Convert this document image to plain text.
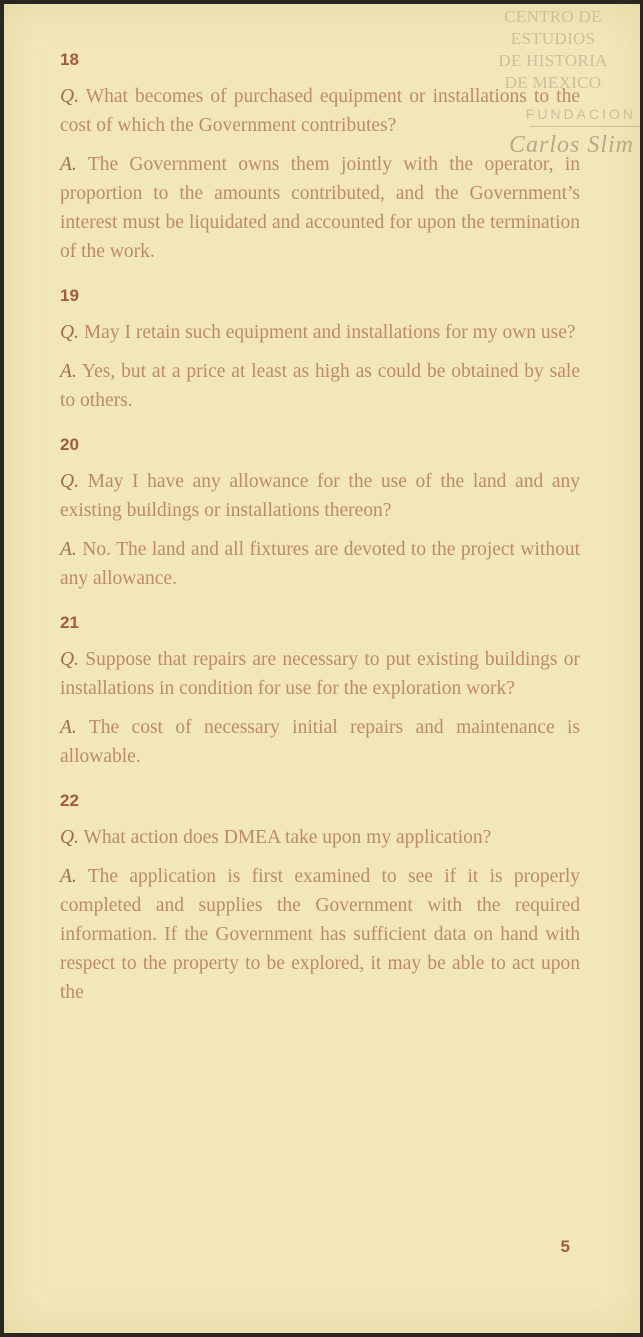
CENTRO DE
ESTUDIOS
DE HISTORIA
DE MEXICO
FUNDACION
Carlos Slim
18
Q. What becomes of purchased equipment or installations to the cost of which the Government contributes?
A. The Government owns them jointly with the operator, in proportion to the amounts contributed, and the Government’s interest must be liquidated and accounted for upon the termination of the work.
19
Q. May I retain such equipment and installations for my own use?
A. Yes, but at a price at least as high as could be obtained by sale to others.
20
Q. May I have any allowance for the use of the land and any existing buildings or installations thereon?
A. No. The land and all fixtures are devoted to the project without any allowance.
21
Q. Suppose that repairs are necessary to put existing buildings or installations in condition for use for the exploration work?
A. The cost of necessary initial repairs and maintenance is allowable.
22
Q. What action does DMEA take upon my application?
A. The application is first examined to see if it is properly completed and supplies the Government with the required information. If the Government has sufficient data on hand with respect to the property to be explored, it may be able to act upon the
5
